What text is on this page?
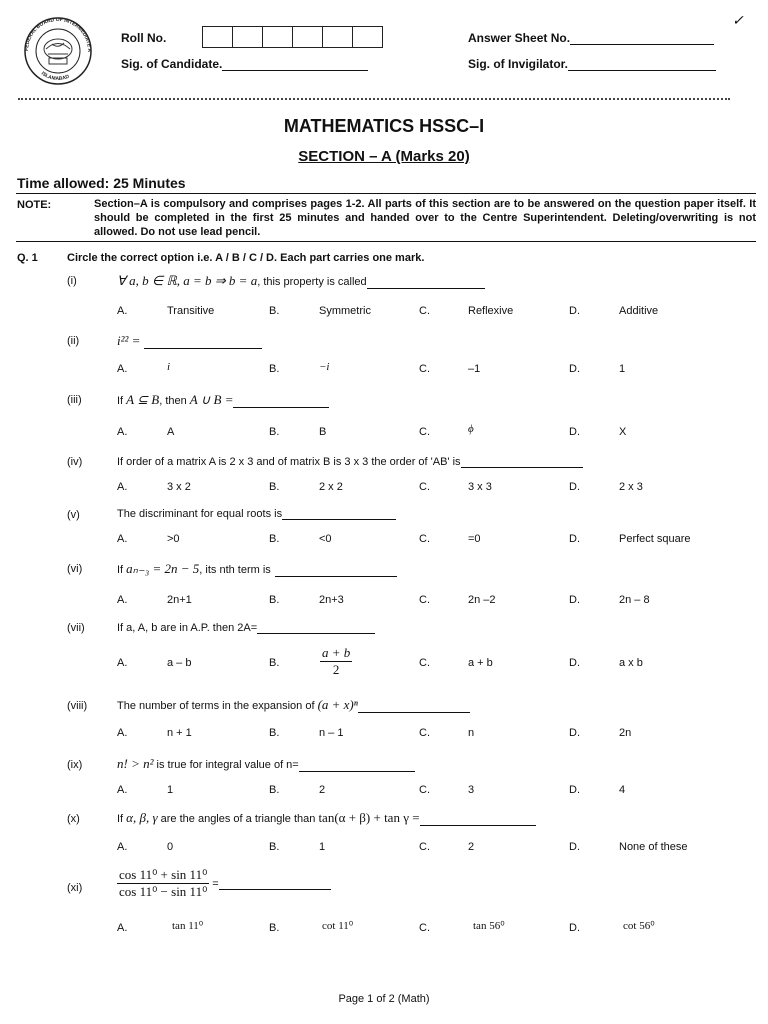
FEDERAL BOARD OF INTERMEDIATE A
ISLAMABAD
Roll No.
Sig. of Candidate.
Answer Sheet No.
Sig. of Invigilator.
✓
MATHEMATICS HSSC–I
SECTION – A (Marks 20)
Time allowed: 25 Minutes
NOTE:	Section–A is compulsory and comprises pages 1-2. All parts of this section are to be answered on the question paper itself. It should be completed in the first 25 minutes and handed over to the Centre Superintendent. Deleting/overwriting is not allowed. Do not use lead pencil.
Q. 1	Circle the correct option i.e. A / B / C / D. Each part carries one mark.
(i)	∀ a, b ∈ ℝ, a = b ⇒ b = a, this property is called
A.	Transitive	B.	Symmetric	C.	Reflexive	D.	Additive
(ii)	i²² =
A.	i	B.	−i	C.	–1	D.	1
(iii)	If A ⊆ B, then A ∪ B =
A.	A	B.	B	C.	ϕ	D.	X
(iv)	If order of a matrix A is 2 x 3 and of matrix B is 3 x 3 the order of 'AB' is
A.	3 x 2	B.	2 x 2	C.	3 x 3	D.	2 x 3
(v)	The discriminant for equal roots is
A.	>0	B.	<0	C.	=0	D.	Perfect square
(vi)	If aₙ₋₃ = 2n − 5, its nth term is
A.	2n+1	B.	2n+3	C.	2n –2	D.	2n – 8
(vii)	If a, A, b are in A.P. then 2A=
A.	a – b	B.	$\frac{a + b}{2}$	C.	a + b	D.	a x b
(viii)	The number of terms in the expansion of (a + x)ⁿ
A.	n + 1	B.	n – 1	C.	n	D.	2n
(ix)	n! > n² is true for integral value of n=
A.	1	B.	2	C.	3	D.	4
(x)	If α, β, γ are the angles of a triangle than tan(α + β) + tan γ =
A.	0	B.	1	C.	2	D.	None of these
(xi)	$\frac{\text{cos 11⁰ + sin 11⁰}}{\text{cos 11⁰ − sin 11⁰}}$ =
A.	tan 11⁰	B.	cot 11⁰	C.	tan 56⁰	D.	cot 56⁰
Page 1 of 2 (Math)
